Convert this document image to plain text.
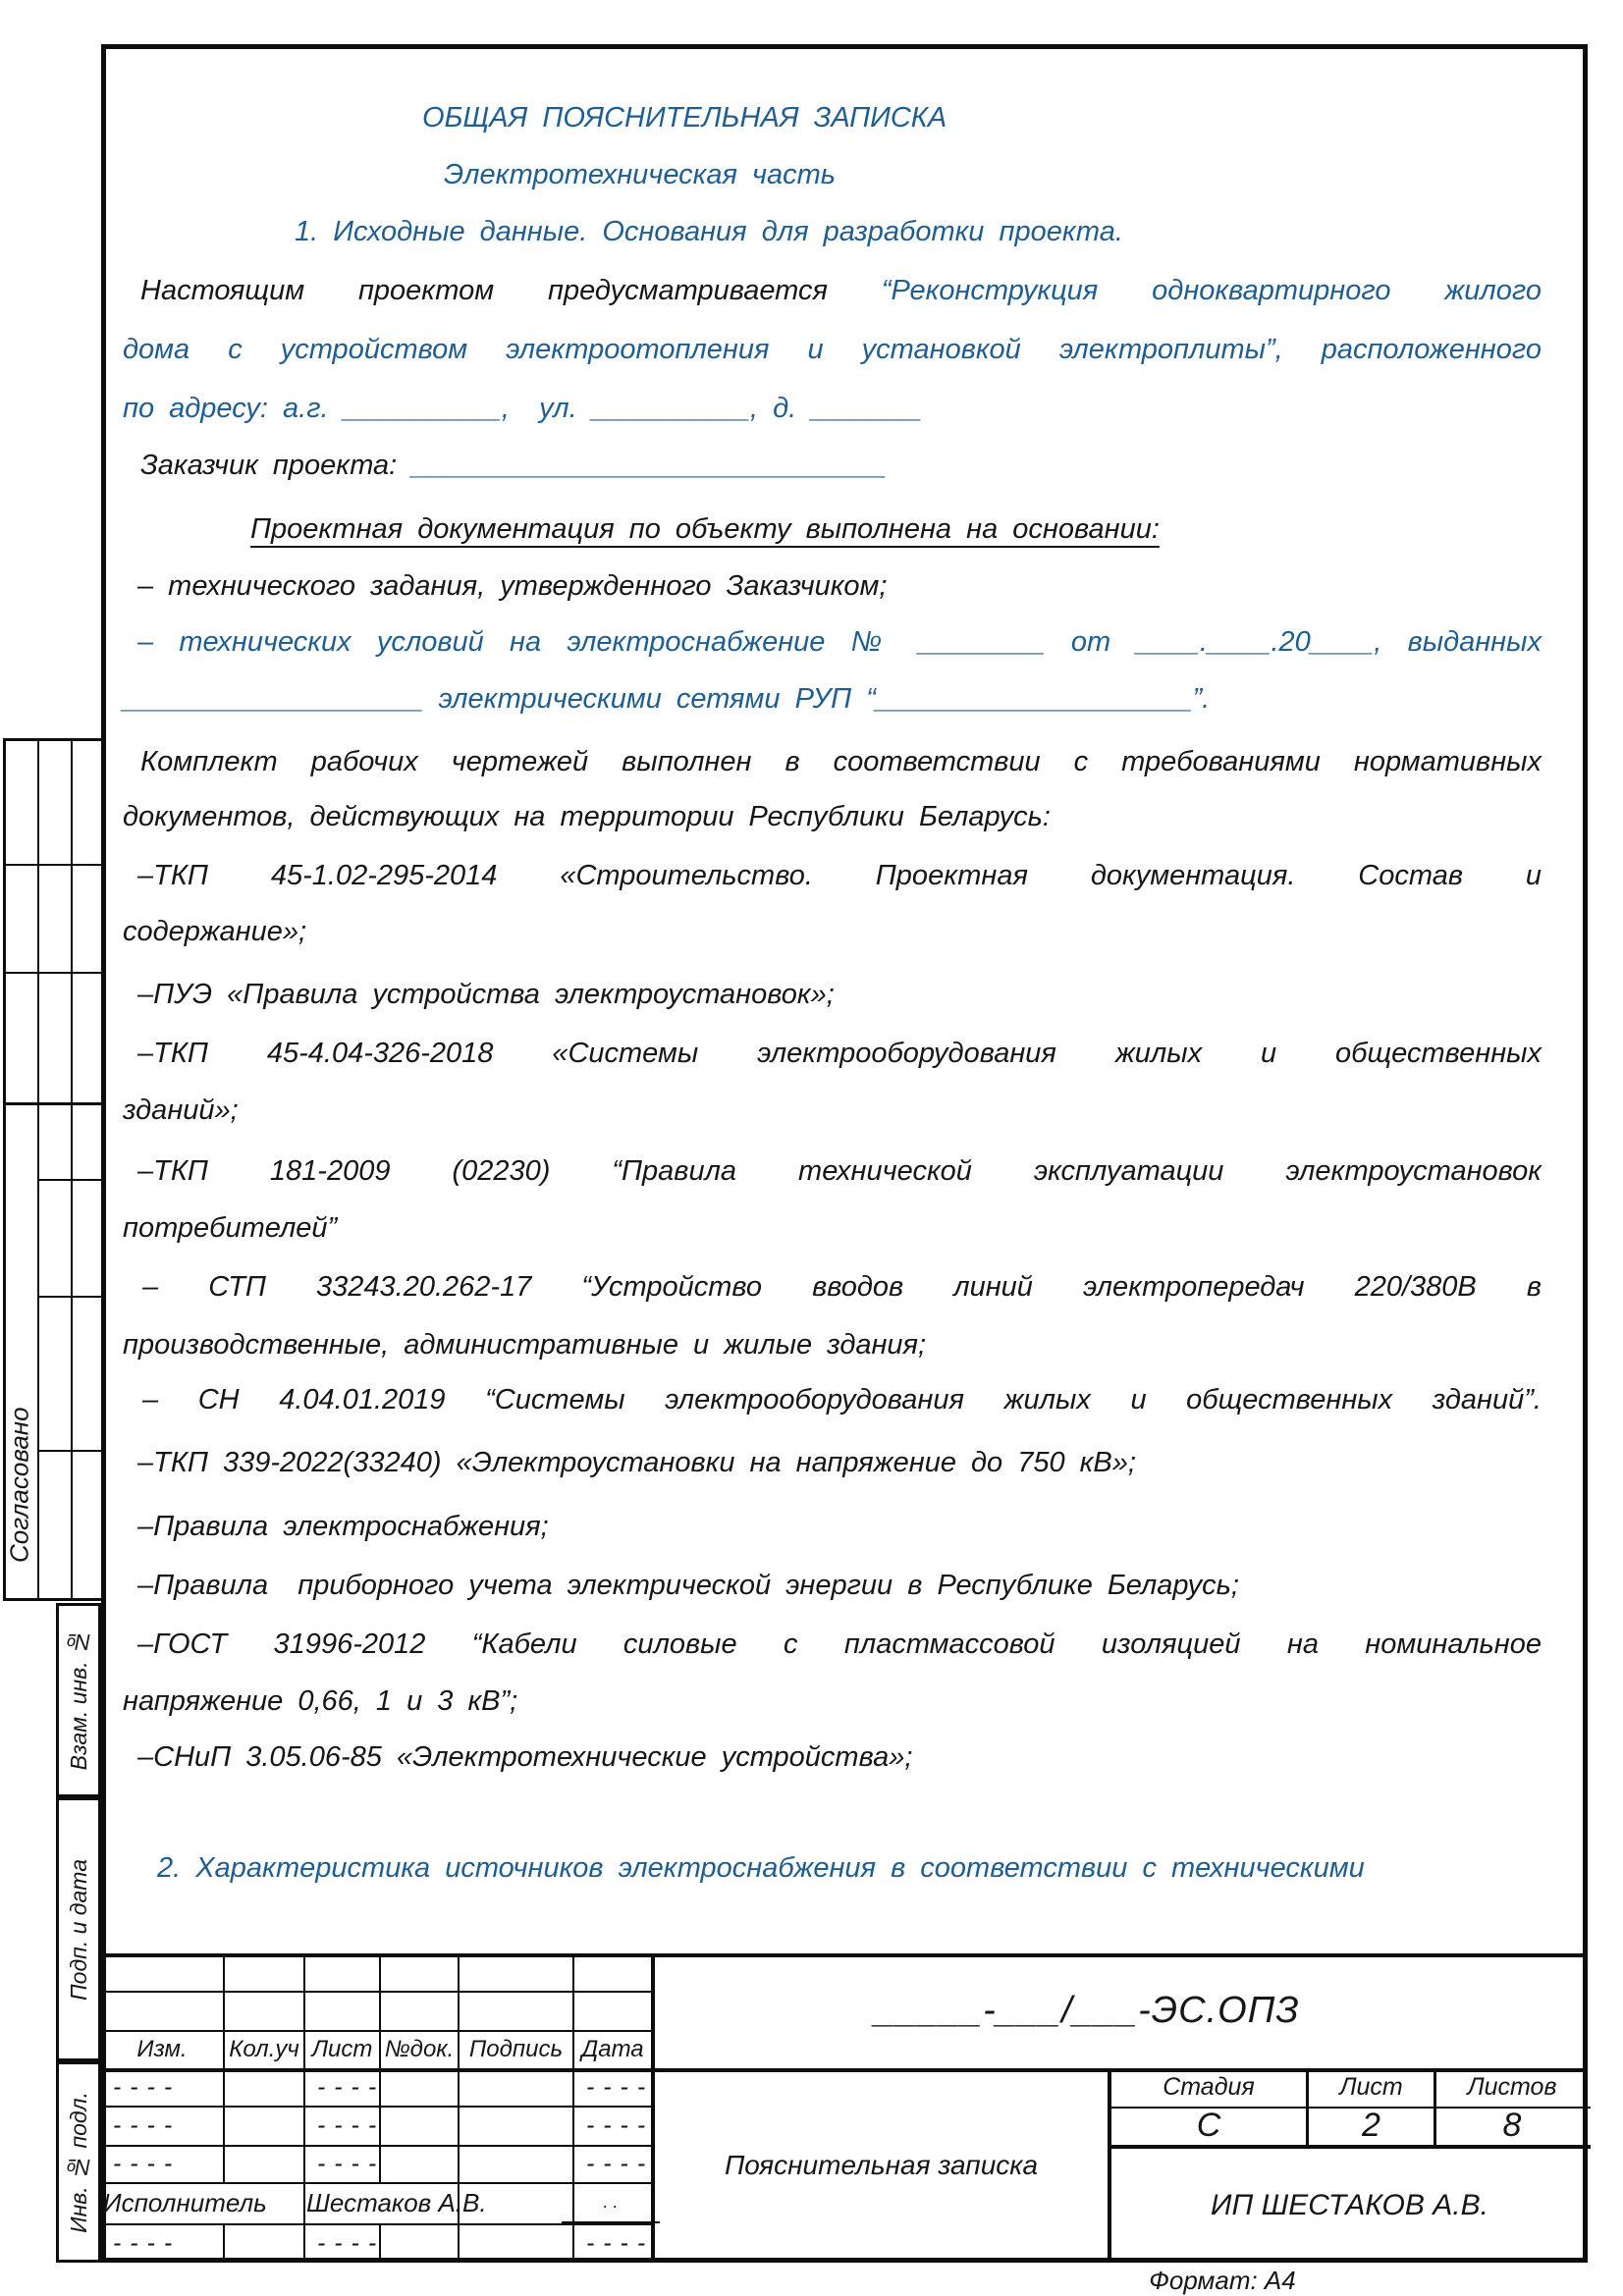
Согласовано
Взам. инв. №
Подп. и дата
Инв. № подл.
ОБЩАЯ ПОЯСНИТЕЛЬНАЯ ЗАПИСКА
Электротехническая часть
1. Исходные данные. Основания для разработки проекта.
Настоящим проектом предусматривается “Реконструкция одноквартирного жилого
дома с устройством электроотопления и установкой электроплиты”, расположенного
по адресу: а.г. __________,  ул. __________, д. _______
Заказчик проекта: ______________________________
Проектная документация по объекту выполнена на основании:
– технического задания, утвержденного Заказчиком;
– технических условий на электроснабжение № ________ от ____.____.20____, выданных
___________________ электрическими сетями РУП “____________________”.
Комплект рабочих чертежей выполнен в соответствии с требованиями нормативных
документов, действующих на территории Республики Беларусь:
–ТКП 45-1.02-295-2014 «Строительство. Проектная документация. Состав и
содержание»;
–ПУЭ «Правила устройства электроустановок»;
–ТКП 45-4.04-326-2018 «Системы электрооборудования жилых и общественных
зданий»;
–ТКП 181-2009 (02230) “Правила технической эксплуатации электроустановок
потребителей”
– СТП 33243.20.262-17 “Устройство вводов линий электропередач 220/380В в
производственные, административные и жилые здания;
– СН 4.04.01.2019 “Системы электрооборудования жилых и общественных зданий”.
–ТКП 339-2022(33240) «Электроустановки на напряжение до 750 кВ»;
–Правила электроснабжения;
–Правила  приборного учета электрической энергии в Республике Беларусь;
–ГОСТ 31996-2012 “Кабели силовые с пластмассовой изоляцией на номинальное
напряжение 0,66, 1 и 3 кВ”;
–СНиП 3.05.06-85 «Электротехнические устройства»;
2. Характеристика источников электроснабжения в соответствии с техническими
Изм.	Кол.уч Лист №док. Подпись Дата
- - - -	- - - -	- - - -
- - - -	- - - -	- - - -
- - - -	- - - -	- - - -
Исполнитель	Шестаков А.В.	. .
- - - -	- - - -	- - - -
_____-___/___-ЭС.ОПЗ
Пояснительная записка
Стадия	Лист	Листов
С	2	8
ИП ШЕСТАКОВ А.В.
Формат: А4
